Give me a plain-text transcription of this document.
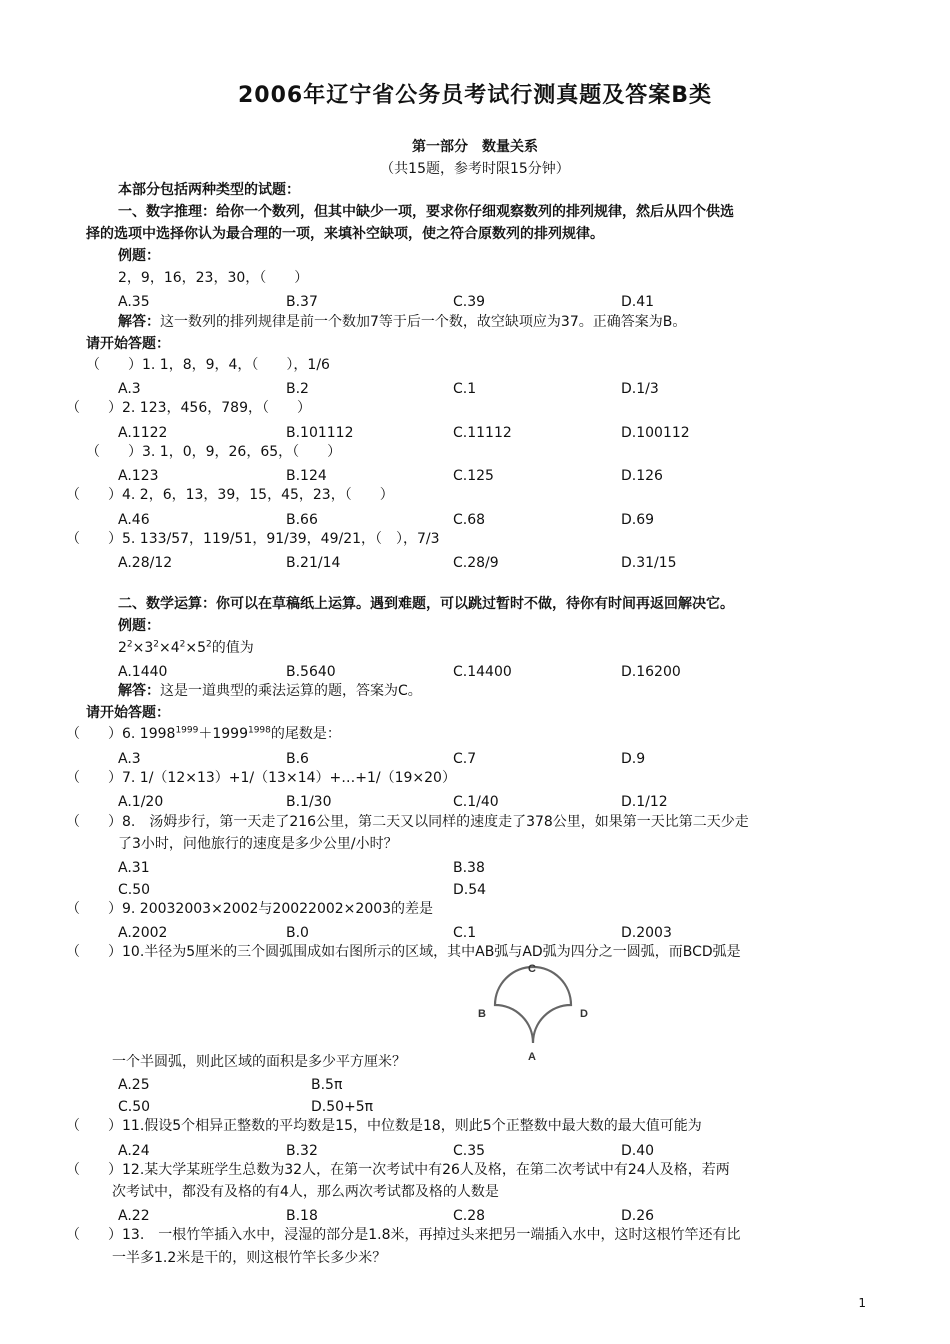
2006年辽宁省公务员考试行测真题及答案B类
第一部分　数量关系
（共15题，参考时限15分钟）
本部分包括两种类型的试题：
一、数字推理：给你一个数列，但其中缺少一项，要求你仔细观察数列的排列规律，然后从四个供选
择的选项中选择你认为最合理的一项，来填补空缺项，使之符合原数列的排列规律。
例题：
2，9，16，23，30，（　　）
A.35	B.37	C.39	D.41
解答：这一数列的排列规律是前一个数加7等于后一个数，故空缺项应为37。正确答案为B。
请开始答题：
（　　）1. 1，8，9，4，（　　），1/6
A.3	B.2	C.1	D.1/3
（　　）2. 123，456，789，（　　）
A.1122	B.101112	C.11112	D.100112
（　　）3. 1，0，9，26，65，（　　）
A.123	B.124	C.125	D.126
（　　）4. 2，6，13，39，15，45，23，（　　）
A.46	B.66	C.68	D.69
（　　）5. 133/57，119/51，91/39，49/21，（　），7/3
A.28/12	B.21/14	C.28/9	D.31/15
二、数学运算：你可以在草稿纸上运算。遇到难题，可以跳过暂时不做，待你有时间再返回解决它。
例题：
$2^2\times 3^2\times 4^2\times 5^2$的值为
A.1440	B.5640	C.14400	D.16200
解答：这是一道典型的乘法运算的题，答案为C。
请开始答题：
（　　）6. $1998^{1999}+1999^{1998}$的尾数是：
A.3	B.6	C.7	D.9
（　　）7. 1/（12×13）+1/（13×14）+…+1/（19×20）
A.1/20	B.1/30	C.1/40	D.1/12
（　　）8.　汤姆步行，第一天走了216公里，第二天又以同样的速度走了378公里，如果第一天比第二天少走
了3小时，问他旅行的速度是多少公里/小时？
A.31	B.38
C.50	D.54
（　　）9. 20032003×2002与20022002×2003的差是
A.2002	B.0	C.1	D.2003
（　　）10.半径为5厘米的三个圆弧围成如右图所示的区域，其中AB弧与AD弧为四分之一圆弧，而BCD弧是
C
B	D
A
一个半圆弧，则此区域的面积是多少平方厘米？
A.25	B.5π
C.50	D.50+5π
（　　）11.假设5个相异正整数的平均数是15，中位数是18，则此5个正整数中最大数的最大值可能为
A.24	B.32	C.35	D.40
（　　）12.某大学某班学生总数为32人，在第一次考试中有26人及格，在第二次考试中有24人及格，若两
次考试中，都没有及格的有4人，那么两次考试都及格的人数是
A.22	B.18	C.28	D.26
（　　）13.　一根竹竿插入水中，浸湿的部分是1.8米，再掉过头来把另一端插入水中，这时这根竹竿还有比
一半多1.2米是干的，则这根竹竿长多少米？
1
